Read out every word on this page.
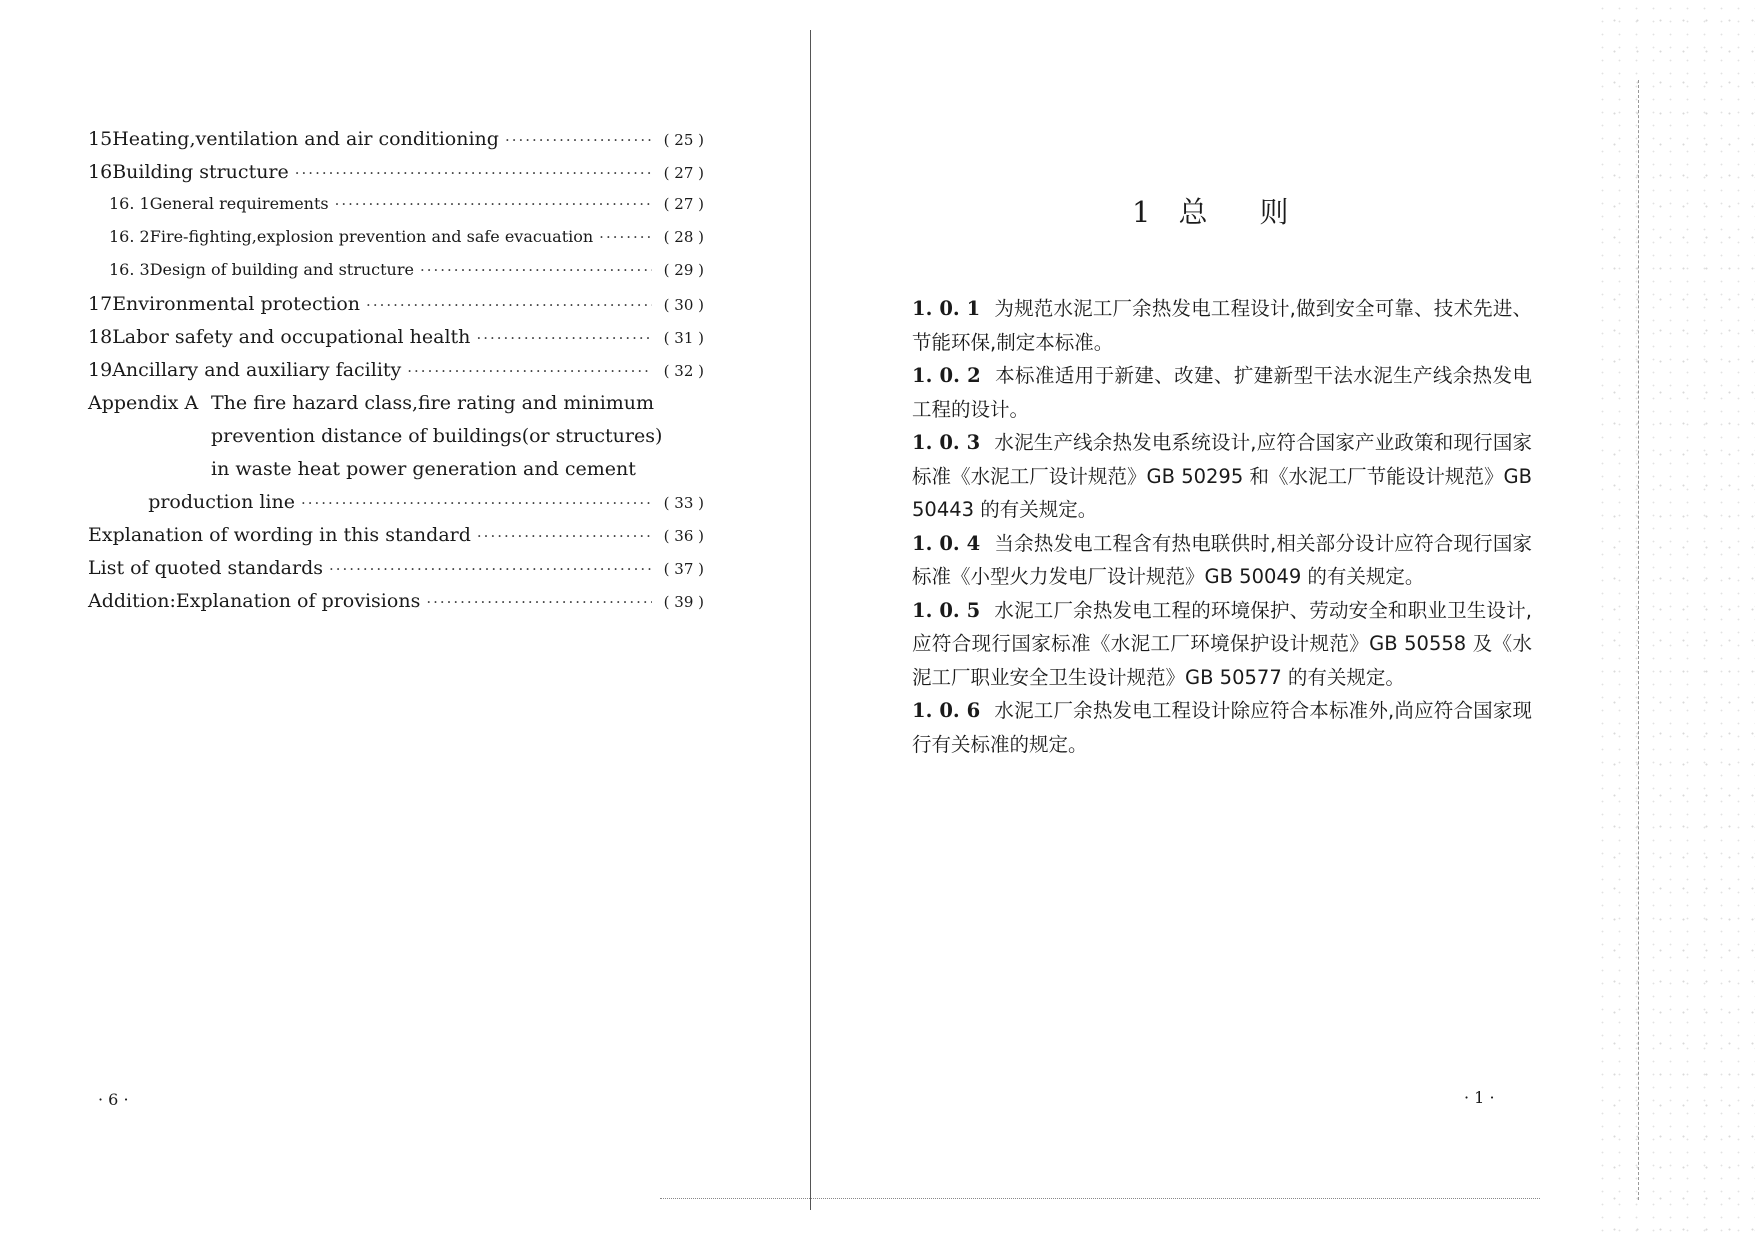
15 Heating,ventilation and air conditioning ·····	( 25 )
16 Building structure ·····	( 27 )
16. 1 General requirements ·····	( 27 )
16. 2 Fire-fighting,explosion prevention and safe evacuation ·····	( 28 )
16. 3 Design of building and structure ·····	( 29 )
17 Environmental protection ·····	( 30 )
18 Labor safety and occupational health ·····	( 31 )
19 Ancillary and auxiliary facility ·····	( 32 )
Appendix A The fire hazard class,fire rating and minimum
prevention distance of buildings(or structures)
in waste heat power generation and cement
production line ·····	( 33 )
Explanation of wording in this standard ·····	( 36 )
List of quoted standards ·····	( 37 )
Addition:Explanation of provisions ·····	( 39 )
· 6 ·
1 总则

1. 0. 1 为规范水泥工厂余热发电工程设计,做到安全可靠、技术先进、节能环保,制定本标准。

1. 0. 2 本标准适用于新建、改建、扩建新型干法水泥生产线余热发电工程的设计。

1. 0. 3 水泥生产线余热发电系统设计,应符合国家产业政策和现行国家标准《水泥工厂设计规范》GB 50295 和《水泥工厂节能设计规范》GB 50443 的有关规定。

1. 0. 4 当余热发电工程含有热电联供时,相关部分设计应符合现行国家标准《小型火力发电厂设计规范》GB 50049 的有关规定。

1. 0. 5 水泥工厂余热发电工程的环境保护、劳动安全和职业卫生设计,应符合现行国家标准《水泥工厂环境保护设计规范》GB 50558 及《水泥工厂职业安全卫生设计规范》GB 50577 的有关规定。

1. 0. 6 水泥工厂余热发电工程设计除应符合本标准外,尚应符合国家现行有关标准的规定。

· 1 ·
